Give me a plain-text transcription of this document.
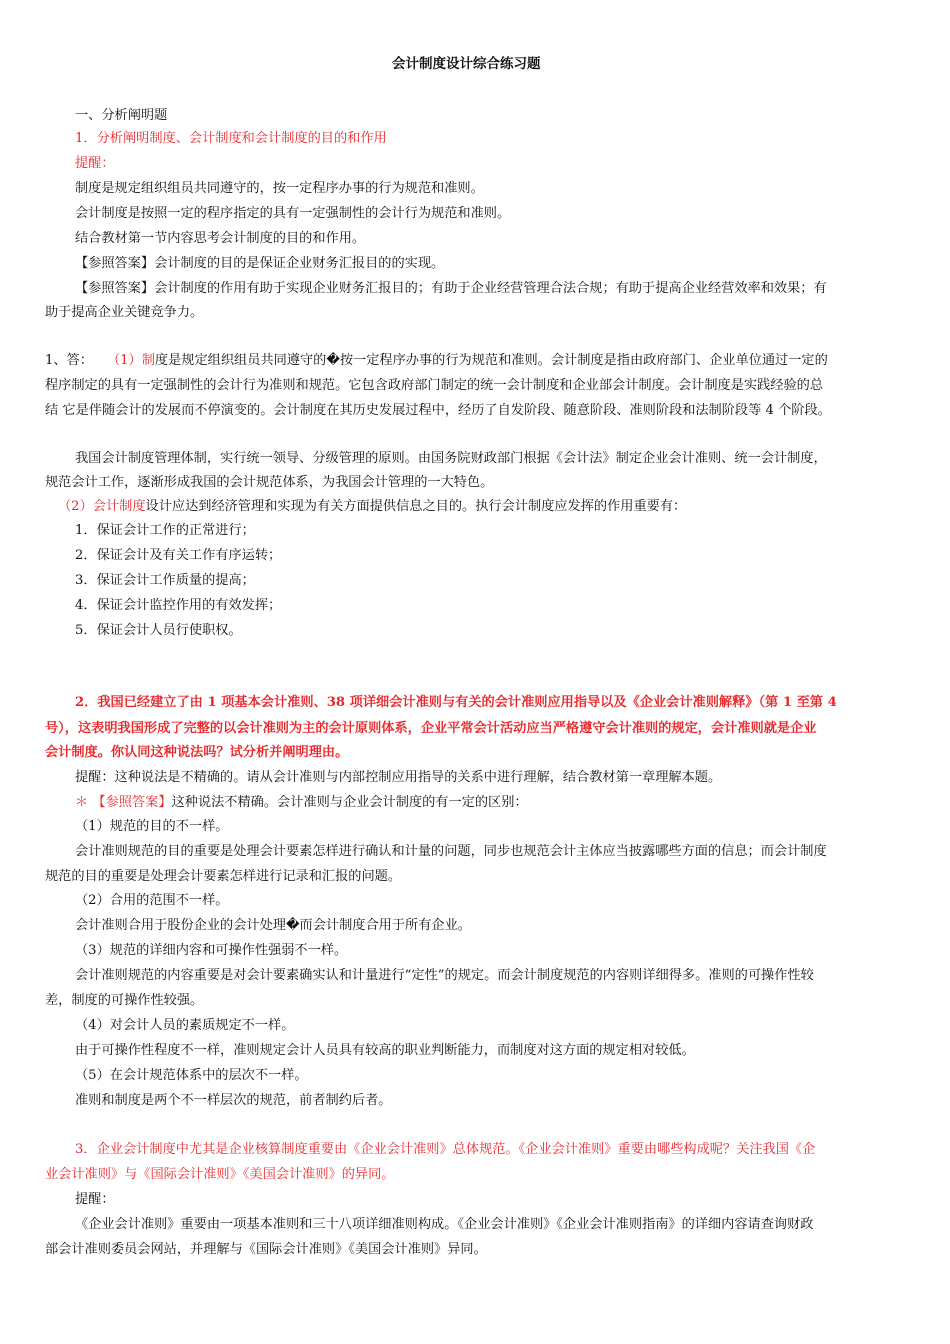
会计制度设计综合练习题
一、分析阐明题
1．分析阐明制度、会计制度和会计制度的目的和作用
提醒：
制度是规定组织组员共同遵守的，按一定程序办事的行为规范和准则。
会计制度是按照一定的程序指定的具有一定强制性的会计行为规范和准则。
结合教材第一节内容思考会计制度的目的和作用。
【参照答案】会计制度的目的是保证企业财务汇报目的的实现。
【参照答案】会计制度的作用有助于实现企业财务汇报目的；有助于企业经营管理合法合规；有助于提高企业经营效率和效果；有
助于提高企业关键竞争力。
1、答： （1）制度是规定组织组员共同遵守的�按一定程序办事的行为规范和准则。会计制度是指由政府部门、企业单位通过一定的
程序制定的具有一定强制性的会计行为准则和规范。它包含政府部门制定的统一会计制度和企业部会计制度。会计制度是实践经验的总
结 它是伴随会计的发展而不停演变的。会计制度在其历史发展过程中，经历了自发阶段、随意阶段、准则阶段和法制阶段等 4 个阶段。
我国会计制度管理体制，实行统一领导、分级管理的原则。由国务院财政部门根据《会计法》制定企业会计准则、统一会计制度，
规范会计工作，逐渐形成我国的会计规范体系，为我国会计管理的一大特色。
（2）会计制度设计应达到经济管理和实现为有关方面提供信息之目的。执行会计制度应发挥的作用重要有：
1．保证会计工作的正常进行；
2．保证会计及有关工作有序运转；
3．保证会计工作质量的提高；
4．保证会计监控作用的有效发挥；
5．保证会计人员行使职权。
2．我国已经建立了由 1 项基本会计准则、38 项详细会计准则与有关的会计准则应用指导以及《企业会计准则解释》（第 1 至第 4
号），这表明我国形成了完整的以会计准则为主的会计原则体系，企业平常会计活动应当严格遵守会计准则的规定，会计准则就是企业
会计制度。你认同这种说法吗？试分析并阐明理由。
提醒：这种说法是不精确的。请从会计准则与内部控制应用指导的关系中进行理解，结合教材第一章理解本题。
＊ 【参照答案】这种说法不精确。会计准则与企业会计制度的有一定的区别：
（1）规范的目的不一样。
会计准则规范的目的重要是处理会计要素怎样进行确认和计量的问题，同步也规范会计主体应当披露哪些方面的信息；而会计制度
规范的目的重要是处理会计要素怎样进行记录和汇报的问题。
（2）合用的范围不一样。
会计准则合用于股份企业的会计处理�而会计制度合用于所有企业。
（3）规范的详细内容和可操作性强弱不一样。
会计准则规范的内容重要是对会计要素确实认和计量进行“定性”的规定。而会计制度规范的内容则详细得多。准则的可操作性较
差，制度的可操作性较强。
（4）对会计人员的素质规定不一样。
由于可操作性程度不一样，准则规定会计人员具有较高的职业判断能力，而制度对这方面的规定相对较低。
（5）在会计规范体系中的层次不一样。
准则和制度是两个不一样层次的规范，前者制约后者。
3．企业会计制度中尤其是企业核算制度重要由《企业会计准则》总体规范。《企业会计准则》重要由哪些构成呢？关注我国《企
业会计准则》与《国际会计准则》《美国会计准则》的异同。
提醒：
《企业会计准则》重要由一项基本准则和三十八项详细准则构成。《企业会计准则》《企业会计准则指南》的详细内容请查询财政
部会计准则委员会网站，并理解与《国际会计准则》《美国会计准则》异同。
